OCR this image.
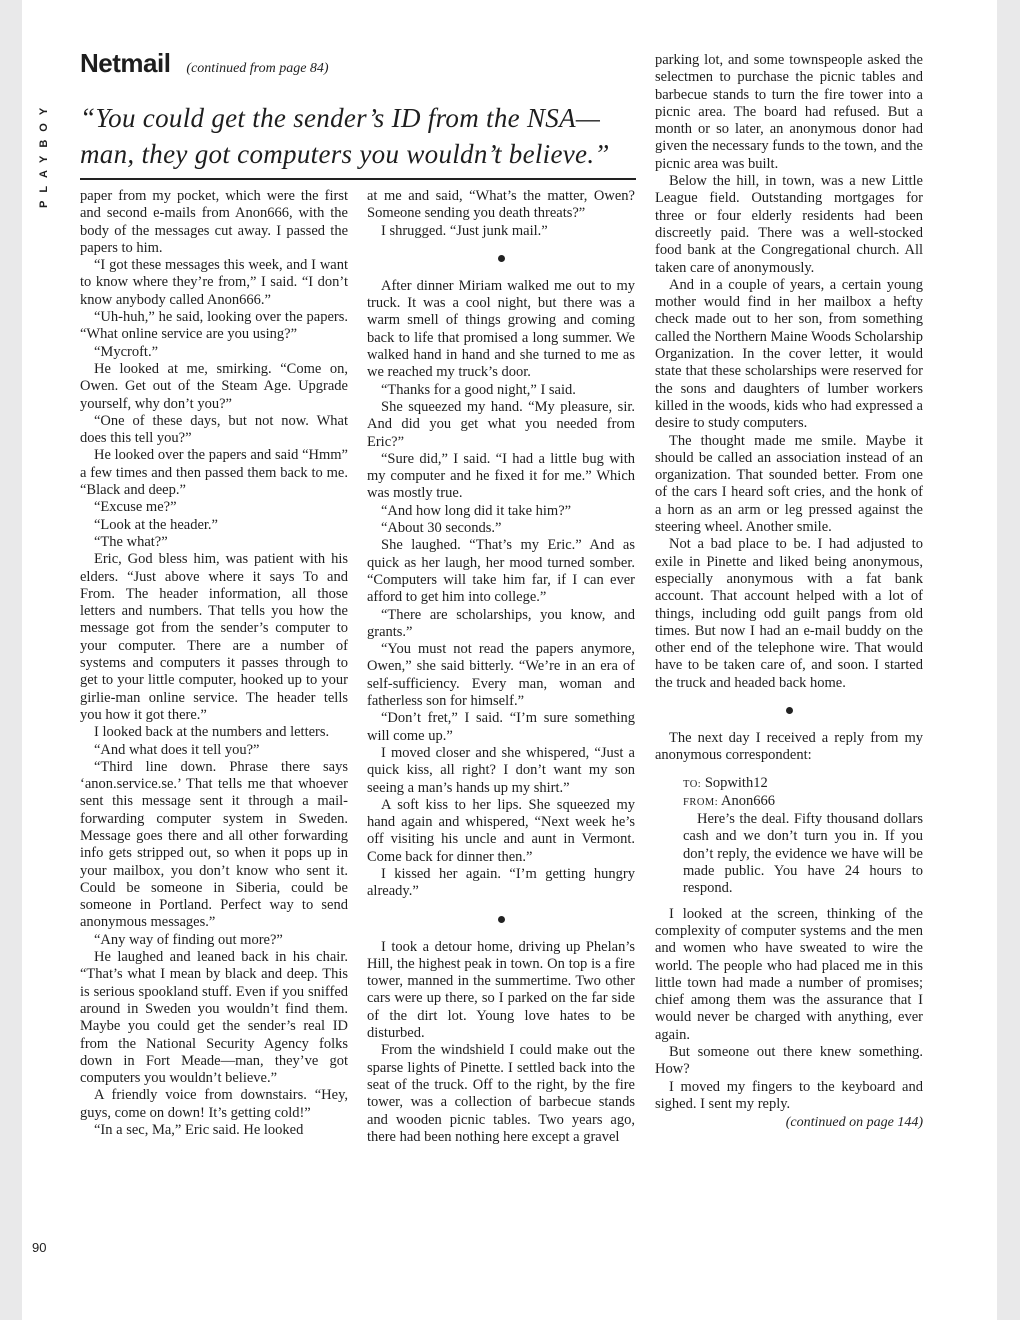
PLAYBOY
90
Netmail (continued from page 84)
“You could get the sender’s ID from the NSA—man, they got computers you wouldn’t believe.”

paper from my pocket, which were the first and second e-mails from Anon666, with the body of the messages cut away. I passed the papers to him.

“I got these messages this week, and I want to know where they’re from,” I said. “I don’t know anybody called Anon666.”

“Uh-huh,” he said, looking over the papers. “What online service are you using?”

“Mycroft.”

He looked at me, smirking. “Come on, Owen. Get out of the Steam Age. Upgrade yourself, why don’t you?”

“One of these days, but not now. What does this tell you?”

He looked over the papers and said “Hmm” a few times and then passed them back to me. “Black and deep.”

“Excuse me?”

“Look at the header.”

“The what?”

Eric, God bless him, was patient with his elders. “Just above where it says To and From. The header information, all those letters and numbers. That tells you how the message got from the sender’s computer to your computer. There are a number of systems and computers it passes through to get to your little computer, hooked up to your girlie-man online service. The header tells you how it got there.”

I looked back at the numbers and letters.

“And what does it tell you?”

“Third line down. Phrase there says ‘anon.service.se.’ That tells me that whoever sent this message sent it through a mail-forwarding computer system in Sweden. Message goes there and all other forwarding info gets stripped out, so when it pops up in your mailbox, you don’t know who sent it. Could be someone in Siberia, could be someone in Portland. Perfect way to send anonymous messages.”

“Any way of finding out more?”

He laughed and leaned back in his chair. “That’s what I mean by black and deep. This is serious spookland stuff. Even if you sniffed around in Sweden you wouldn’t find them. Maybe you could get the sender’s real ID from the National Security Agency folks down in Fort Meade—man, they’ve got computers you wouldn’t believe.”

A friendly voice from downstairs. “Hey, guys, come on down! It’s getting cold!”

“In a sec, Ma,” Eric said. He looked

at me and said, “What’s the matter, Owen? Someone sending you death threats?”

I shrugged. “Just junk mail.”

After dinner Miriam walked me out to my truck. It was a cool night, but there was a warm smell of things growing and coming back to life that promised a long summer. We walked hand in hand and she turned to me as we reached my truck’s door.

“Thanks for a good night,” I said.

She squeezed my hand. “My pleasure, sir. And did you get what you needed from Eric?”

“Sure did,” I said. “I had a little bug with my computer and he fixed it for me.” Which was mostly true.

“And how long did it take him?”

“About 30 seconds.”

She laughed. “That’s my Eric.” And as quick as her laugh, her mood turned somber. “Computers will take him far, if I can ever afford to get him into college.”

“There are scholarships, you know, and grants.”

“You must not read the papers anymore, Owen,” she said bitterly. “We’re in an era of self-sufficiency. Every man, woman and fatherless son for himself.”

“Don’t fret,” I said. “I’m sure something will come up.”

I moved closer and she whispered, “Just a quick kiss, all right? I don’t want my son seeing a man’s hands up my shirt.”

A soft kiss to her lips. She squeezed my hand again and whispered, “Next week he’s off visiting his uncle and aunt in Vermont. Come back for dinner then.”

I kissed her again. “I’m getting hungry already.”

I took a detour home, driving up Phelan’s Hill, the highest peak in town. On top is a fire tower, manned in the summertime. Two other cars were up there, so I parked on the far side of the dirt lot. Young love hates to be disturbed.

From the windshield I could make out the sparse lights of Pinette. I settled back into the seat of the truck. Off to the right, by the fire tower, was a collection of barbecue stands and wooden picnic tables. Two years ago, there had been nothing here except a gravel

parking lot, and some townspeople asked the selectmen to purchase the picnic tables and barbecue stands to turn the fire tower into a picnic area. The board had refused. But a month or so later, an anonymous donor had given the necessary funds to the town, and the picnic area was built.

Below the hill, in town, was a new Little League field. Outstanding mortgages for three or four elderly residents had been discreetly paid. There was a well-stocked food bank at the Congregational church. All taken care of anonymously.

And in a couple of years, a certain young mother would find in her mailbox a hefty check made out to her son, from something called the Northern Maine Woods Scholarship Organization. In the cover letter, it would state that these scholarships were reserved for the sons and daughters of lumber workers killed in the woods, kids who had expressed a desire to study computers.

The thought made me smile. Maybe it should be called an association instead of an organization. That sounded better. From one of the cars I heard soft cries, and the honk of a horn as an arm or leg pressed against the steering wheel. Another smile.

Not a bad place to be. I had adjusted to exile in Pinette and liked being anonymous, especially anonymous with a fat bank account. That account helped with a lot of things, including odd guilt pangs from old times. But now I had an e-mail buddy on the other end of the telephone wire. That would have to be taken care of, and soon. I started the truck and headed back home.

The next day I received a reply from my anonymous correspondent:

TO: Sopwith12
FROM: Anon666

Here’s the deal. Fifty thousand dollars cash and we don’t turn you in. If you don’t reply, the evidence we have will be made public. You have 24 hours to respond.

I looked at the screen, thinking of the complexity of computer systems and the men and women who have sweated to wire the world. The people who had placed me in this little town had made a number of promises; chief among them was the assurance that I would never be charged with anything, ever again.

But someone out there knew something. How?

I moved my fingers to the keyboard and sighed. I sent my reply.

(continued on page 144)
